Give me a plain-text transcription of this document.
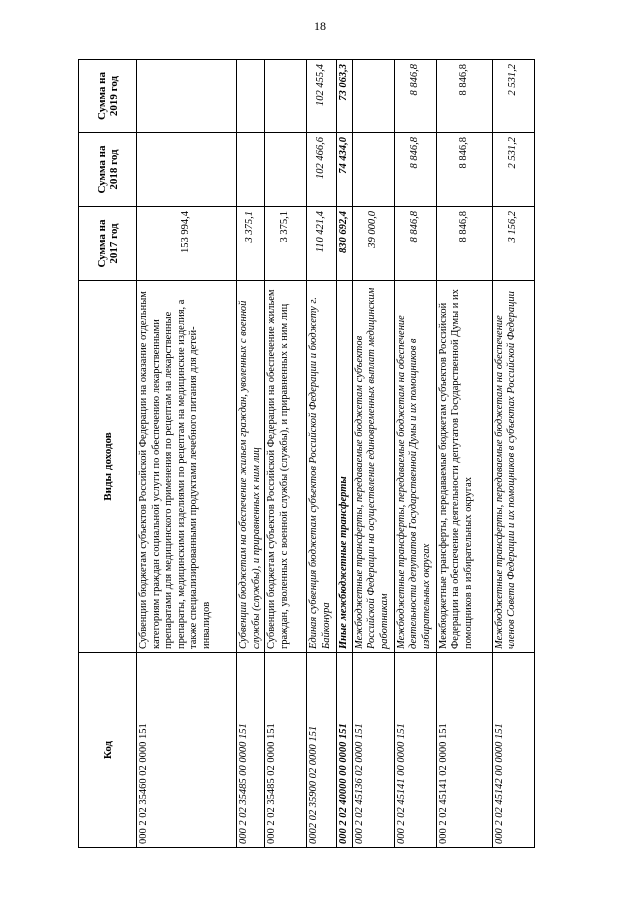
18
Код	Виды доходов	Сумма на 2017 год	Сумма на 2018 год	Сумма на 2019 год
000 2 02 35460 02 0000 151	Субвенции бюджетам субъектов Российской Федерации на оказание отдельным категориям граждан социальной услуги по обеспечению лекарственными препаратами для медицинского применения по рецептам на лекарственные препараты, медицинскими изделиями по рецептам на медицинские изделия, а также специализированными продуктами лечебного питания для детей-инвалидов	153 994,4		
000 2 02 35485 00 0000 151	Субвенции бюджетам на обеспечение жильем граждан, уволенных с военной службы (службы), и приравненных к ним лиц	3 375,1		
000 2 02 35485 02 0000 151	Субвенции бюджетам субъектов Российской Федерации на обеспечение жильем граждан, уволенных с военной службы (службы), и приравненных к ним лиц	3 375,1		
0002 02 35900 02 0000 151	Единая субвенция бюджетам субъектов Российской Федерации и бюджету г. Байконура	110 421,4	102 466,6	102 455,4
000 2 02 40000 00 0000 151	Иные межбюджетные трансферты	830 692,4	74 434,0	73 063,3
000 2 02 45136 02 0000 151	Межбюджетные трансферты, передаваемые бюджетам субъектов Российской Федерации на осуществление единовременных выплат медицинским работникам	39 000,0		
000 2 02 45141 00 0000 151	Межбюджетные трансферты, передаваемые бюджетам на обеспечение деятельности депутатов Государственной Думы и их помощников в избирательных округах	8 846,8	8 846,8	8 846,8
000 2 02 45141 02 0000 151	Межбюджетные трансферты, передаваемые бюджетам субъектов Российской Федерации на обеспечение деятельности депутатов Государственной Думы и их помощников в избирательных округах	8 846,8	8 846,8	8 846,8
000 2 02 45142 00 0000 151	Межбюджетные трансферты, передаваемые бюджетам на обеспечение членов Совета Федерации и их помощников в субъектах Российской Федерации	3 156,2	2 531,2	2 531,2
